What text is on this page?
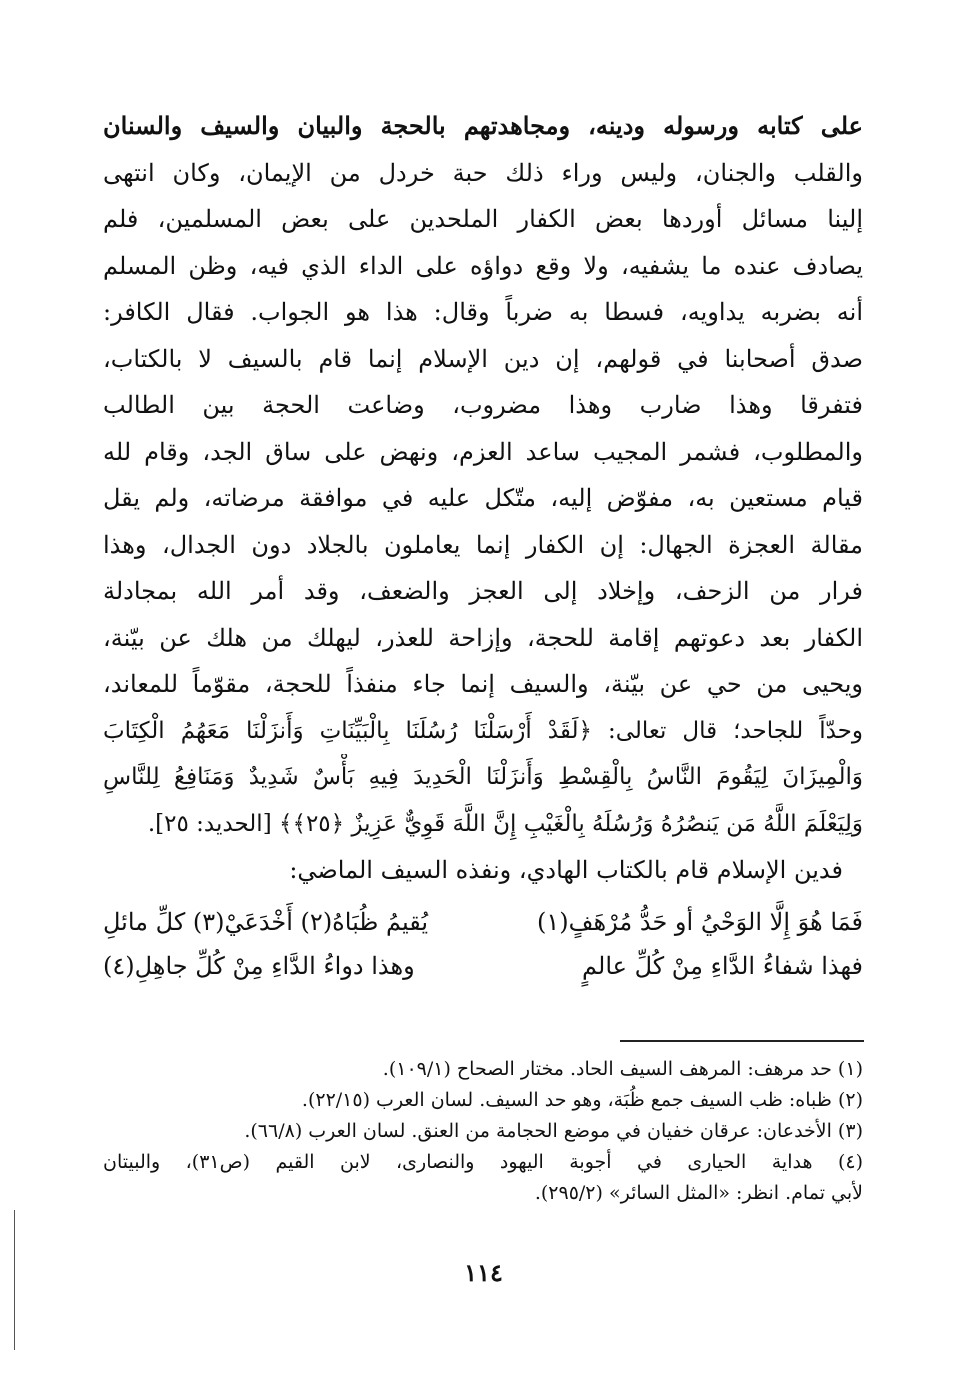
على كتابه ورسوله ودينه، ومجاهدتهم بالحجة والبيان والسيف والسنان
والقلب والجنان، وليس وراء ذلك حبة خردل من الإيمان، وكان انتهى
إلينا مسائل أوردها بعض الكفار الملحدين على بعض المسلمين، فلم
يصادف عنده ما يشفيه، ولا وقع دواؤه على الداء الذي فيه، وظن المسلم
أنه بضربه يداويه، فسطا به ضرباً وقال: هذا هو الجواب. فقال الكافر:
صدق أصحابنا في قولهم، إن دين الإسلام إنما قام بالسيف لا بالكتاب،
فتفرقا وهذا ضارب وهذا مضروب، وضاعت الحجة بين الطالب
والمطلوب، فشمر المجيب ساعد العزم، ونهض على ساق الجد، وقام لله
قيام مستعين به، مفوّض إليه، متّكل عليه في موافقة مرضاته، ولم يقل
مقالة العجزة الجهال: إن الكفار إنما يعاملون بالجلاد دون الجدال، وهذا
فرار من الزحف، وإخلاد إلى العجز والضعف، وقد أمر الله بمجادلة
الكفار بعد دعوتهم إقامة للحجة، وإزاحة للعذر، ليهلك من هلك عن بيّنة،
ويحيى من حي عن بيّنة، والسيف إنما جاء منفذاً للحجة، مقوّماً للمعاند،
وحدّاً للجاحد؛ قال تعالى: ﴿لَقَدْ أَرْسَلْنَا رُسُلَنَا بِالْبَيِّنَاتِ وَأَنزَلْنَا مَعَهُمُ الْكِتَابَ
وَالْمِيزَانَ لِيَقُومَ النَّاسُ بِالْقِسْطِ وَأَنزَلْنَا الْحَدِيدَ فِيهِ بَأْسٌ شَدِيدٌ وَمَنَافِعُ لِلنَّاسِ
وَلِيَعْلَمَ اللَّهُ مَن يَنصُرُهُ وَرُسُلَهُ بِالْغَيْبِ إِنَّ اللَّهَ قَوِيٌّ عَزِيزٌ ﴿٢٥﴾﴾ [الحديد: ٢٥].
فدين الإسلام قام بالكتاب الهادي، ونفذه السيف الماضي:
فَمَا هُوَ إِلَّا الوَحْيُ أو حَدُّ مُرْهَفٍ(١)
يُقيمُ ظُبَاهُ(٢) أَخْدَعَيْ(٣) كلِّ مائلِ
فهذا شفاءُ الدَّاءِ مِنْ كُلِّ عالمٍ
وهذا دواءُ الدَّاءِ مِنْ كُلِّ جاهِلِ(٤)
(١) حد مرهف: المرهف السيف الحاد. مختار الصحاح (١٠٩/١).
(٢) ظباه: ظب السيف جمع ظُبَة، وهو حد السيف. لسان العرب (٢٢/١٥).
(٣) الأخدعان: عرقان خفيان في موضع الحجامة من العنق. لسان العرب (٦٦/٨).
(٤) هداية الحيارى في أجوبة اليهود والنصارى، لابن القيم (ص٣١)، والبيتان
لأبي تمام. انظر: «المثل السائر» (٢٩٥/٢).
١١٤
